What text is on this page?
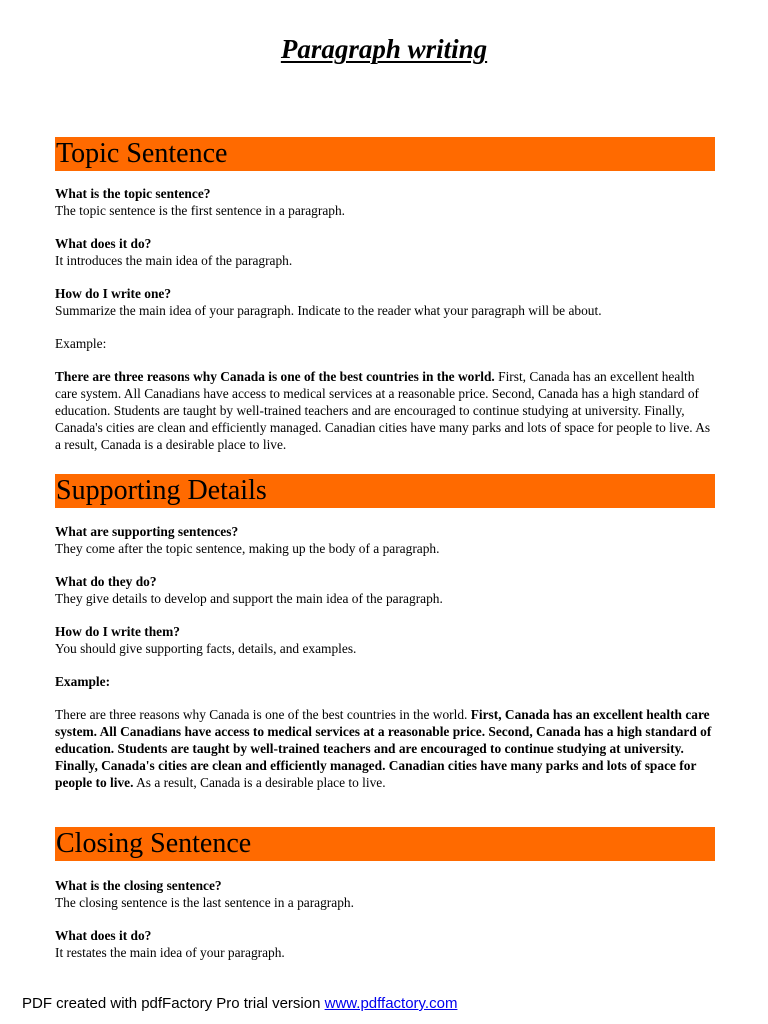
Paragraph writing
Topic Sentence

What is the topic sentence?
The topic sentence is the first sentence in a paragraph.

What does it do?
It introduces the main idea of the paragraph.

How do I write one?
Summarize the main idea of your paragraph. Indicate to the reader what your paragraph will be about.

Example:

There are three reasons why Canada is one of the best countries in the world. First, Canada has an excellent health care system. All Canadians have access to medical services at a reasonable price. Second, Canada has a high standard of education. Students are taught by well-trained teachers and are encouraged to continue studying at university. Finally, Canada's cities are clean and efficiently managed. Canadian cities have many parks and lots of space for people to live. As a result, Canada is a desirable place to live.

Supporting Details

What are supporting sentences?
They come after the topic sentence, making up the body of a paragraph.

What do they do?
They give details to develop and support the main idea of the paragraph.

How do I write them?
You should give supporting facts, details, and examples.

Example:

There are three reasons why Canada is one of the best countries in the world. First, Canada has an excellent health care system. All Canadians have access to medical services at a reasonable price. Second, Canada has a high standard of education. Students are taught by well-trained teachers and are encouraged to continue studying at university. Finally, Canada's cities are clean and efficiently managed. Canadian cities have many parks and lots of space for people to live. As a result, Canada is a desirable place to live.

Closing Sentence

What is the closing sentence?
The closing sentence is the last sentence in a paragraph.

What does it do?
It restates the main idea of your paragraph.

PDF created with pdfFactory Pro trial version www.pdffactory.com
